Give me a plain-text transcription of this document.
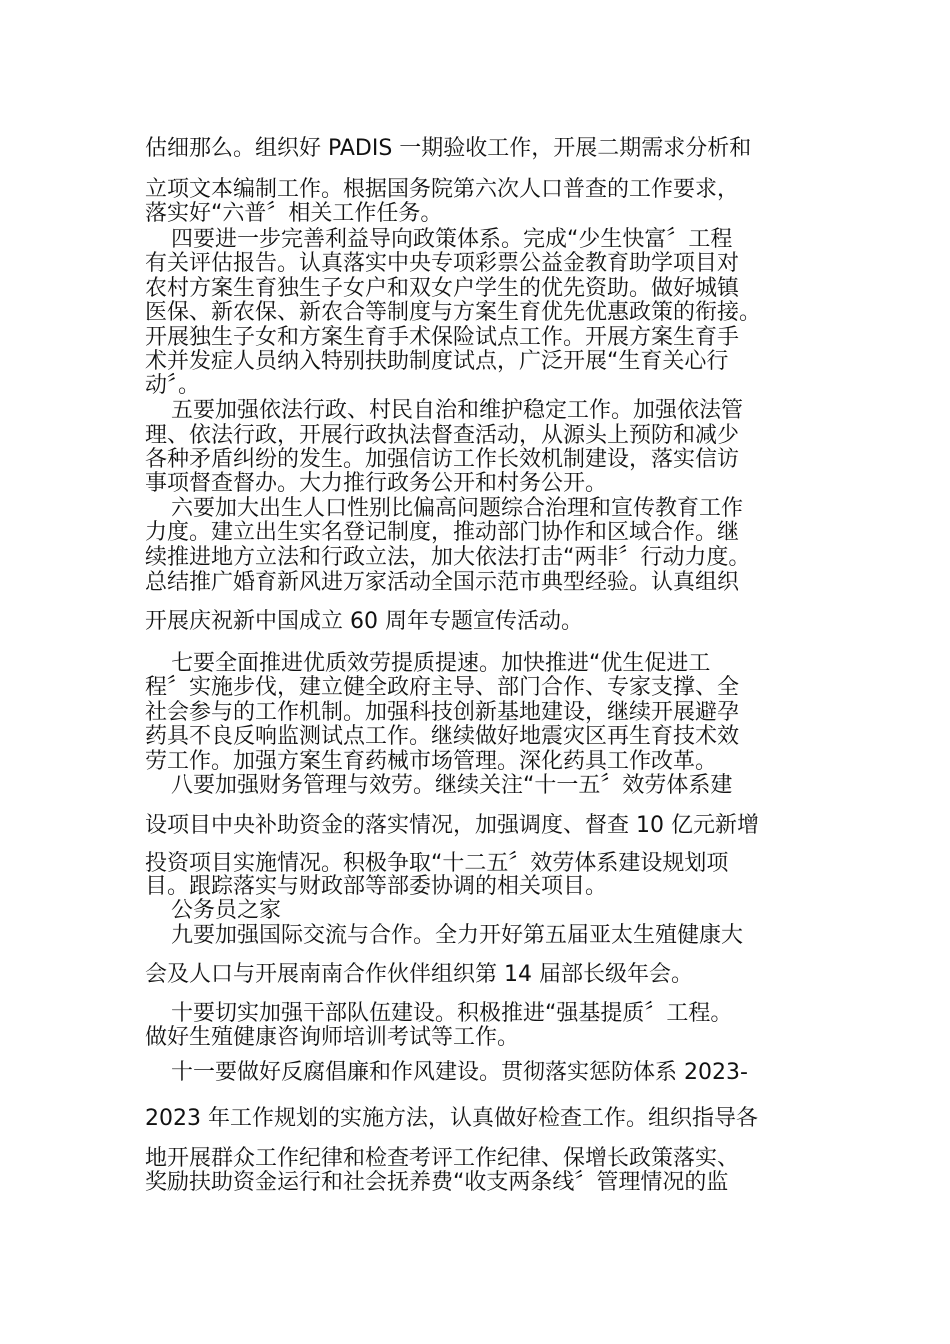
估细那么。组织好 PADIS 一期验收工作，开展二期需求分析和
立项文本编制工作。根据国务院第六次人口普查的工作要求，
落实好“六普〞相关工作任务。
四要进一步完善利益导向政策体系。完成“少生快富〞工程
有关评估报告。认真落实中央专项彩票公益金教育助学项目对
农村方案生育独生子女户和双女户学生的优先资助。做好城镇
医保、新农保、新农合等制度与方案生育优先优惠政策的衔接。
开展独生子女和方案生育手术保险试点工作。开展方案生育手
术并发症人员纳入特别扶助制度试点，广泛开展“生育关心行
动〞。
五要加强依法行政、村民自治和维护稳定工作。加强依法管
理、依法行政，开展行政执法督查活动，从源头上预防和减少
各种矛盾纠纷的发生。加强信访工作长效机制建设，落实信访
事项督查督办。大力推行政务公开和村务公开。
六要加大出生人口性别比偏高问题综合治理和宣传教育工作
力度。建立出生实名登记制度，推动部门协作和区域合作。继
续推进地方立法和行政立法，加大依法打击“两非〞行动力度。
总结推广婚育新风进万家活动全国示范市典型经验。认真组织
开展庆祝新中国成立 60 周年专题宣传活动。
七要全面推进优质效劳提质提速。加快推进“优生促进工
程〞实施步伐，建立健全政府主导、部门合作、专家支撑、全
社会参与的工作机制。加强科技创新基地建设，继续开展避孕
药具不良反响监测试点工作。继续做好地震灾区再生育技术效
劳工作。加强方案生育药械市场管理。深化药具工作改革。
八要加强财务管理与效劳。继续关注“十一五〞效劳体系建
设项目中央补助资金的落实情况，加强调度、督查 10 亿元新增
投资项目实施情况。积极争取“十二五〞效劳体系建设规划项
目。跟踪落实与财政部等部委协调的相关项目。
公务员之家
九要加强国际交流与合作。全力开好第五届亚太生殖健康大
会及人口与开展南南合作伙伴组织第 14 届部长级年会。
十要切实加强干部队伍建设。积极推进“强基提质〞工程。
做好生殖健康咨询师培训考试等工作。
十一要做好反腐倡廉和作风建设。贯彻落实惩防体系 2023-
2023 年工作规划的实施方法，认真做好检查工作。组织指导各
地开展群众工作纪律和检查考评工作纪律、保增长政策落实、
奖励扶助资金运行和社会抚养费“收支两条线〞管理情况的监
